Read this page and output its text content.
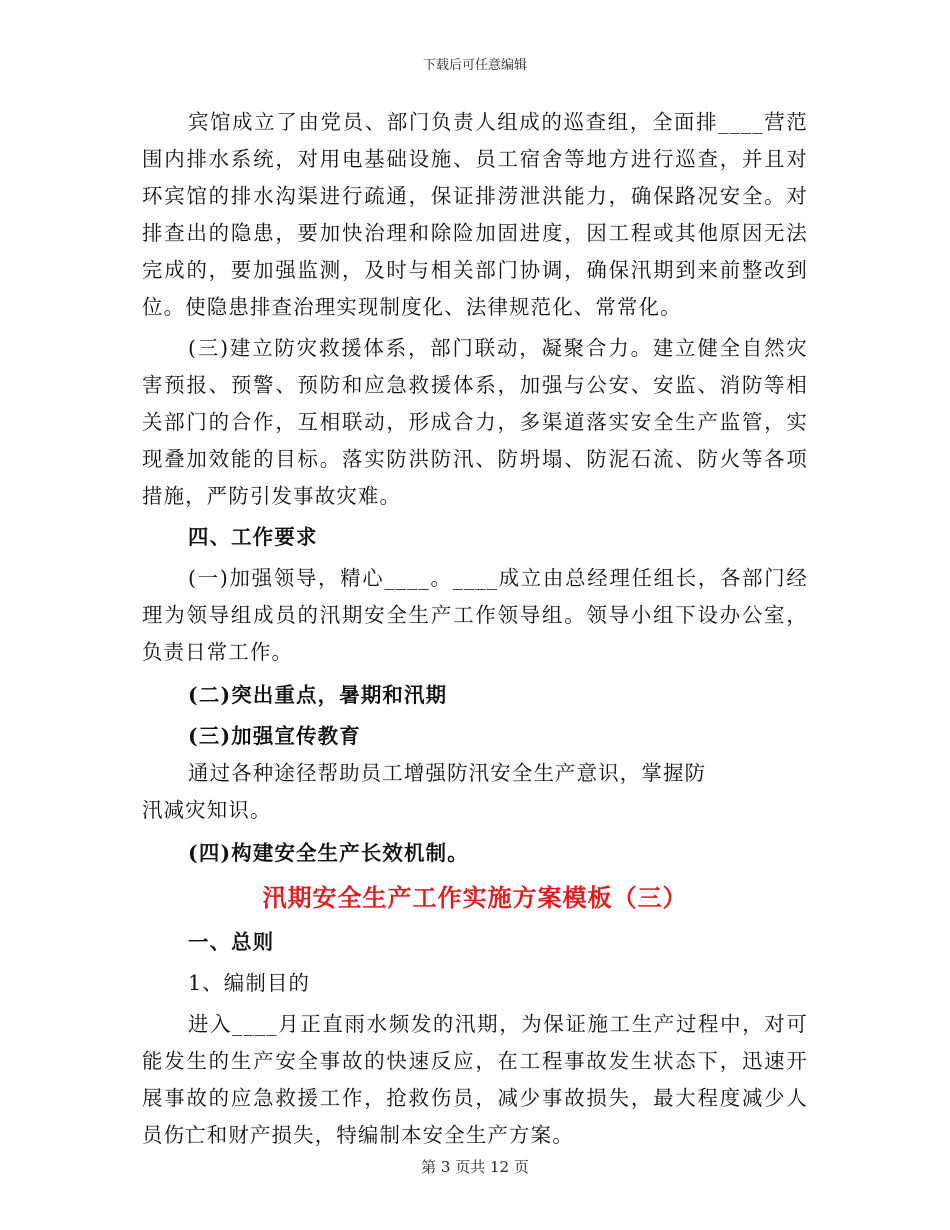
下载后可任意编辑

宾馆成立了由党员、部门负责人组成的巡查组，全面排____营范围内排水系统，对用电基础设施、员工宿舍等地方进行巡查，并且对环宾馆的排水沟渠进行疏通，保证排涝泄洪能力，确保路况安全。对排查出的隐患，要加快治理和除险加固进度，因工程或其他原因无法完成的，要加强监测，及时与相关部门协调，确保汛期到来前整改到位。使隐患排查治理实现制度化、法律规范化、常常化。

(三)建立防灾救援体系，部门联动，凝聚合力。建立健全自然灾害预报、预警、预防和应急救援体系，加强与公安、安监、消防等相关部门的合作，互相联动，形成合力，多渠道落实安全生产监管，实现叠加效能的目标。落实防洪防汛、防坍塌、防泥石流、防火等各项措施，严防引发事故灾难。

四、工作要求

(一)加强领导，精心____。____成立由总经理任组长，各部门经理为领导组成员的汛期安全生产工作领导组。领导小组下设办公室，负责日常工作。

(二)突出重点，暑期和汛期

(三)加强宣传教育

通过各种途径帮助员工增强防汛安全生产意识，掌握防

汛减灾知识。

(四)构建安全生产长效机制。

汛期安全生产工作实施方案模板（三）

一、总则

1、编制目的

进入____月正直雨水频发的汛期，为保证施工生产过程中，对可能发生的生产安全事故的快速反应，在工程事故发生状态下，迅速开展事故的应急救援工作，抢救伤员，减少事故损失，最大程度减少人员伤亡和财产损失，特编制本安全生产方案。

第 3 页共 12 页
